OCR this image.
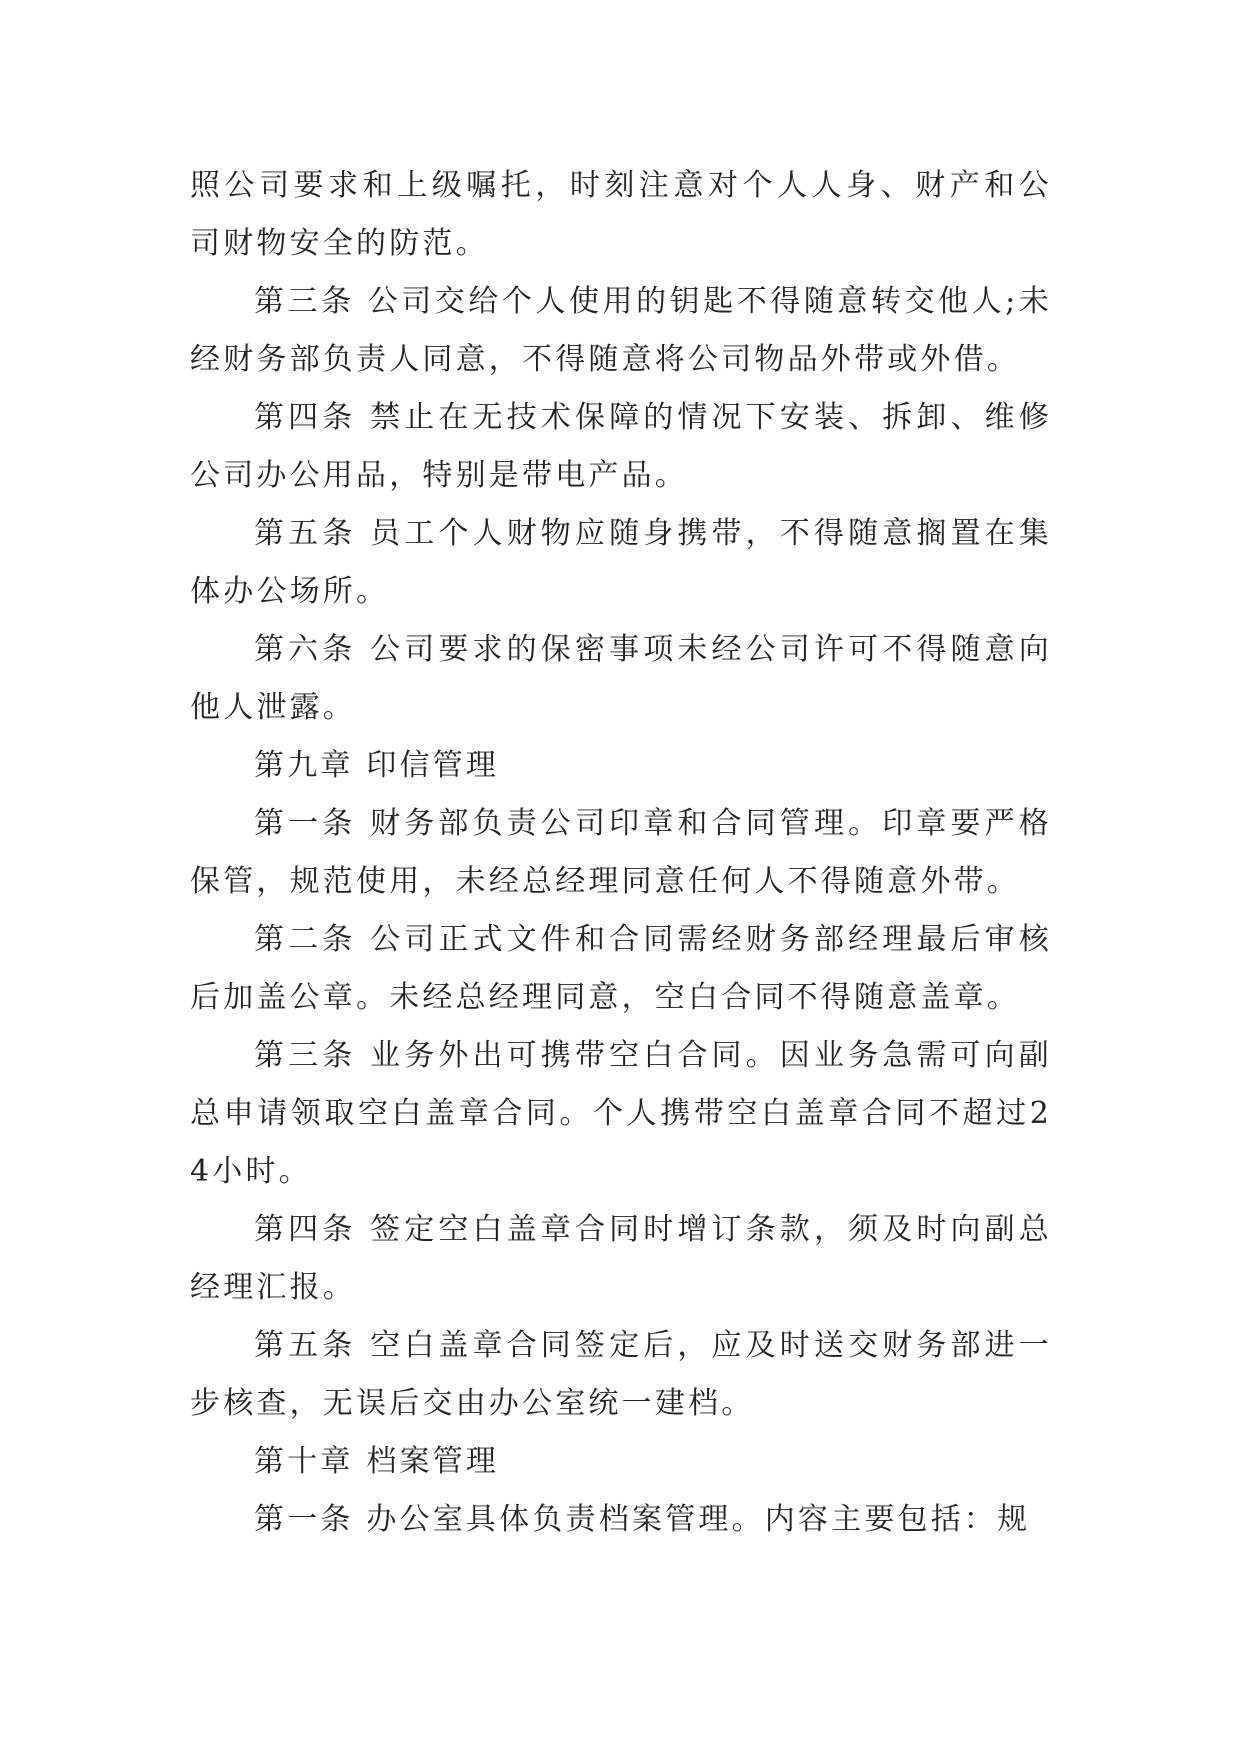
照公司要求和上级嘱托，时刻注意对个人人身、财产和公司财物安全的防范。

第三条 公司交给个人使用的钥匙不得随意转交他人;未经财务部负责人同意，不得随意将公司物品外带或外借。

第四条 禁止在无技术保障的情况下安装、拆卸、维修公司办公用品，特别是带电产品。

第五条 员工个人财物应随身携带，不得随意搁置在集体办公场所。

第六条 公司要求的保密事项未经公司许可不得随意向他人泄露。

第九章 印信管理

第一条 财务部负责公司印章和合同管理。印章要严格保管，规范使用，未经总经理同意任何人不得随意外带。

第二条 公司正式文件和合同需经财务部经理最后审核后加盖公章。未经总经理同意，空白合同不得随意盖章。

第三条 业务外出可携带空白合同。因业务急需可向副总申请领取空白盖章合同。个人携带空白盖章合同不超过24小时。

第四条 签定空白盖章合同时增订条款，须及时向副总经理汇报。

第五条 空白盖章合同签定后，应及时送交财务部进一步核查，无误后交由办公室统一建档。

第十章 档案管理

第一条 办公室具体负责档案管理。内容主要包括：规
